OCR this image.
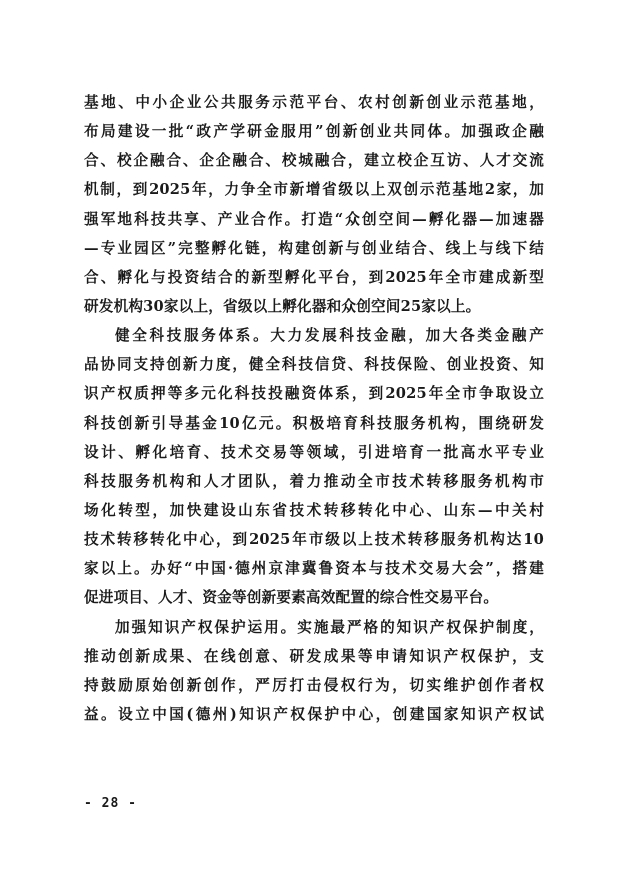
基地、中小企业公共服务示范平台、农村创新创业示范基地，
布局建设一批“政产学研金服用”创新创业共同体。加强政企融
合、校企融合、企企融合、校城融合，建立校企互访、人才交流
机制，到2025年，力争全市新增省级以上双创示范基地2家，加
强军地科技共享、产业合作。打造“众创空间—孵化器—加速器
—专业园区”完整孵化链，构建创新与创业结合、线上与线下结
合、孵化与投资结合的新型孵化平台，到2025年全市建成新型
研发机构30家以上，省级以上孵化器和众创空间25家以上。
健全科技服务体系。大力发展科技金融，加大各类金融产
品协同支持创新力度，健全科技信贷、科技保险、创业投资、知
识产权质押等多元化科技投融资体系，到2025年全市争取设立
科技创新引导基金10亿元。积极培育科技服务机构，围绕研发
设计、孵化培育、技术交易等领域，引进培育一批高水平专业
科技服务机构和人才团队，着力推动全市技术转移服务机构市
场化转型，加快建设山东省技术转移转化中心、山东—中关村
技术转移转化中心，到2025年市级以上技术转移服务机构达10
家以上。办好“中国·德州京津冀鲁资本与技术交易大会”，搭建
促进项目、人才、资金等创新要素高效配置的综合性交易平台。
加强知识产权保护运用。实施最严格的知识产权保护制度，
推动创新成果、在线创意、研发成果等申请知识产权保护，支
持鼓励原始创新创作，严厉打击侵权行为，切实维护创作者权
益。设立中国(德州)知识产权保护中心，创建国家知识产权试
- 28 -
